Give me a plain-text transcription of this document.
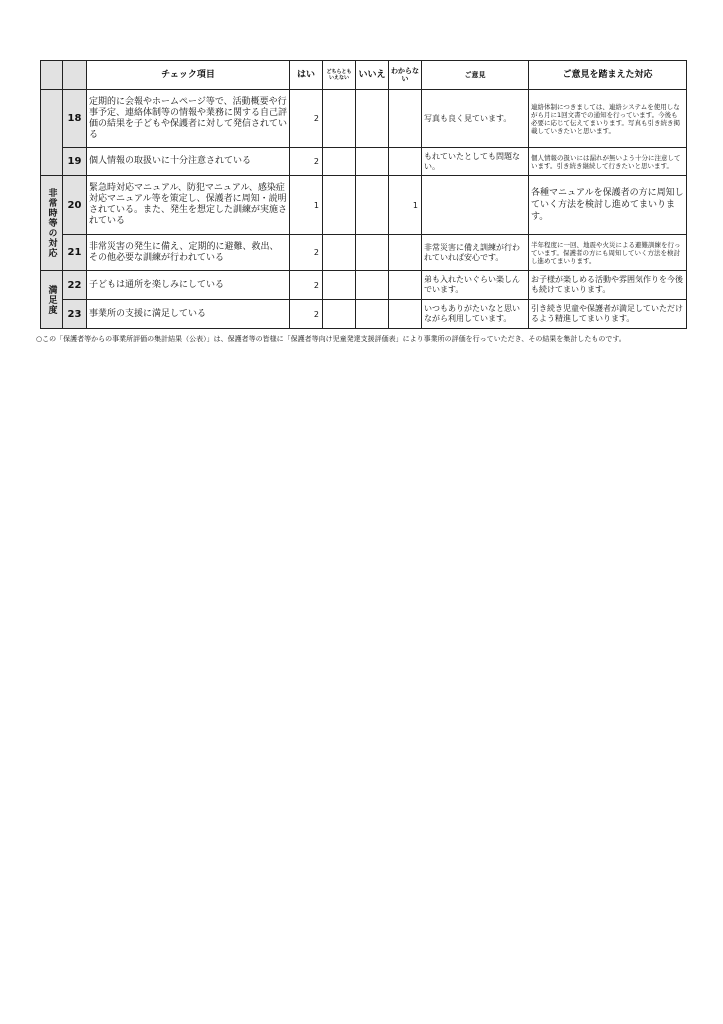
		チェック項目	はい	どちらともいえない	いいえ	わからない	ご意見	ご意見を踏まえた対応
	18	定期的に会報やホームページ等で、活動概要や行事予定、連絡体制等の情報や業務に関する自己評価の結果を子どもや保護者に対して発信されている	2				写真も良く見ています。	連絡体制につきましては、連絡システムを使用しながら月に1回文書での通知を行っています。今後も必要に応じて伝えてまいります。写真も引き続き掲載していきたいと思います。
	19	個人情報の取扱いに十分注意されている	2				もれていたとしても問題ない。	個人情報の扱いには漏れが無いよう十分に注意しています。引き続き継続して行きたいと思います。
非常時等の対応	20	緊急時対応マニュアル、防犯マニュアル、感染症対応マニュアル等を策定し、保護者に周知・説明されている。また、発生を想定した訓練が実施されている	1			1		各種マニュアルを保護者の方に周知していく方法を検討し進めてまいります。
	21	非常災害の発生に備え、定期的に避難、救出、その他必要な訓練が行われている	2				非常災害に備え訓練が行われていれば安心です。	半年程度に一回、地震や火災による避難訓練を行っています。保護者の方にも周知していく方法を検討し進めてまいります。
満足度	22	子どもは通所を楽しみにしている	2				弟も入れたいぐらい楽しんでいます。	お子様が楽しめる活動や雰囲気作りを今後も続けてまいります。
	23	事業所の支援に満足している	2				いつもありがたいなと思いながら利用しています。	引き続き児童や保護者が満足していただけるよう精進してまいります。
○この「保護者等からの事業所評価の集計結果（公表）」は、保護者等の皆様に「保護者等向け児童発達支援評価表」により事業所の評価を行っていただき、その結果を集計したものです。
